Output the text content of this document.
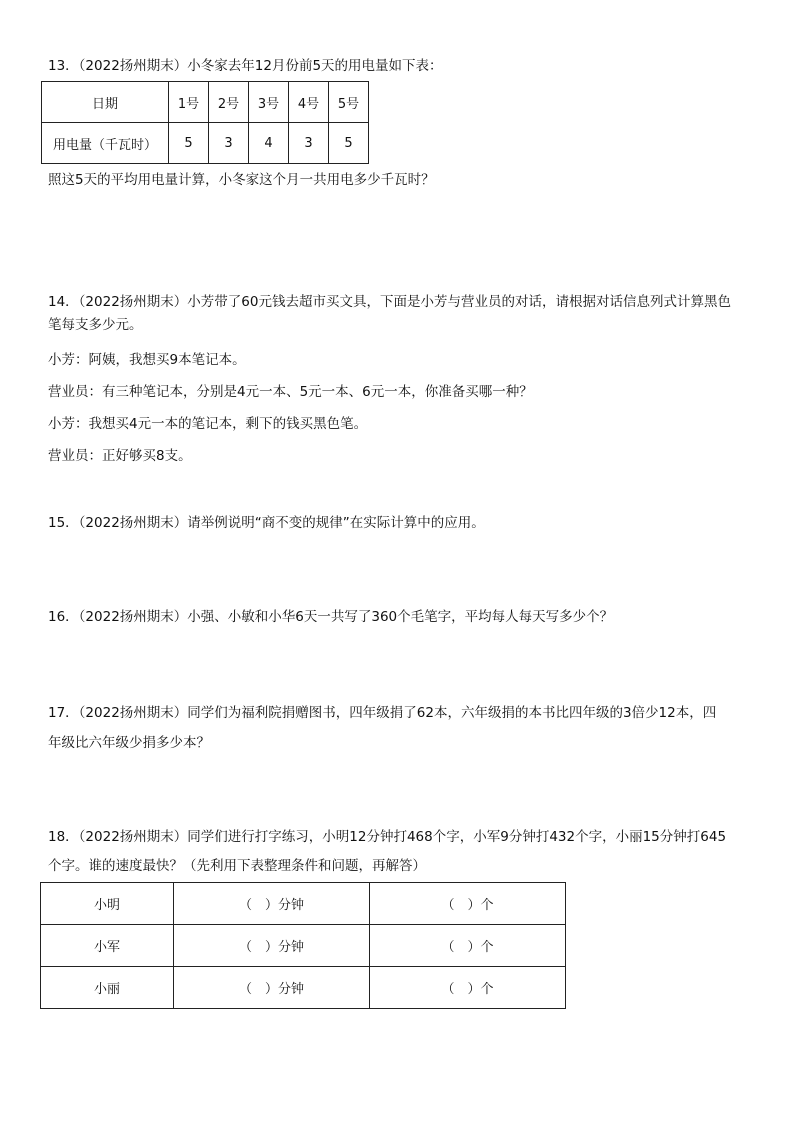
13．（2022扬州期末）小冬家去年12月份前5天的用电量如下表：
日期	1号	2号	3号	4号	5号
用电量（千瓦时）	5	3	4	3	5
照这5天的平均用电量计算，小冬家这个月一共用电多少千瓦时？
14．（2022扬州期末）小芳带了60元钱去超市买文具，下面是小芳与营业员的对话，请根据对话信息列式计算黑色
笔每支多少元。
小芳：阿姨，我想买9本笔记本。
营业员：有三种笔记本，分别是4元一本、5元一本、6元一本，你准备买哪一种？
小芳：我想买4元一本的笔记本，剩下的钱买黑色笔。
营业员：正好够买8支。
15．（2022扬州期末）请举例说明“商不变的规律”在实际计算中的应用。
16．（2022扬州期末）小强、小敏和小华6天一共写了360个毛笔字，平均每人每天写多少个？
17．（2022扬州期末）同学们为福利院捐赠图书，四年级捐了62本，六年级捐的本书比四年级的3倍少12本，四
年级比六年级少捐多少本？
18．（2022扬州期末）同学们进行打字练习，小明12分钟打468个字，小军9分钟打432个字，小丽15分钟打645
个字。谁的速度最快？（先利用下表整理条件和问题，再解答）
小明	（　）分钟	（　）个
小军	（　）分钟	（　）个
小丽	（　）分钟	（　）个
